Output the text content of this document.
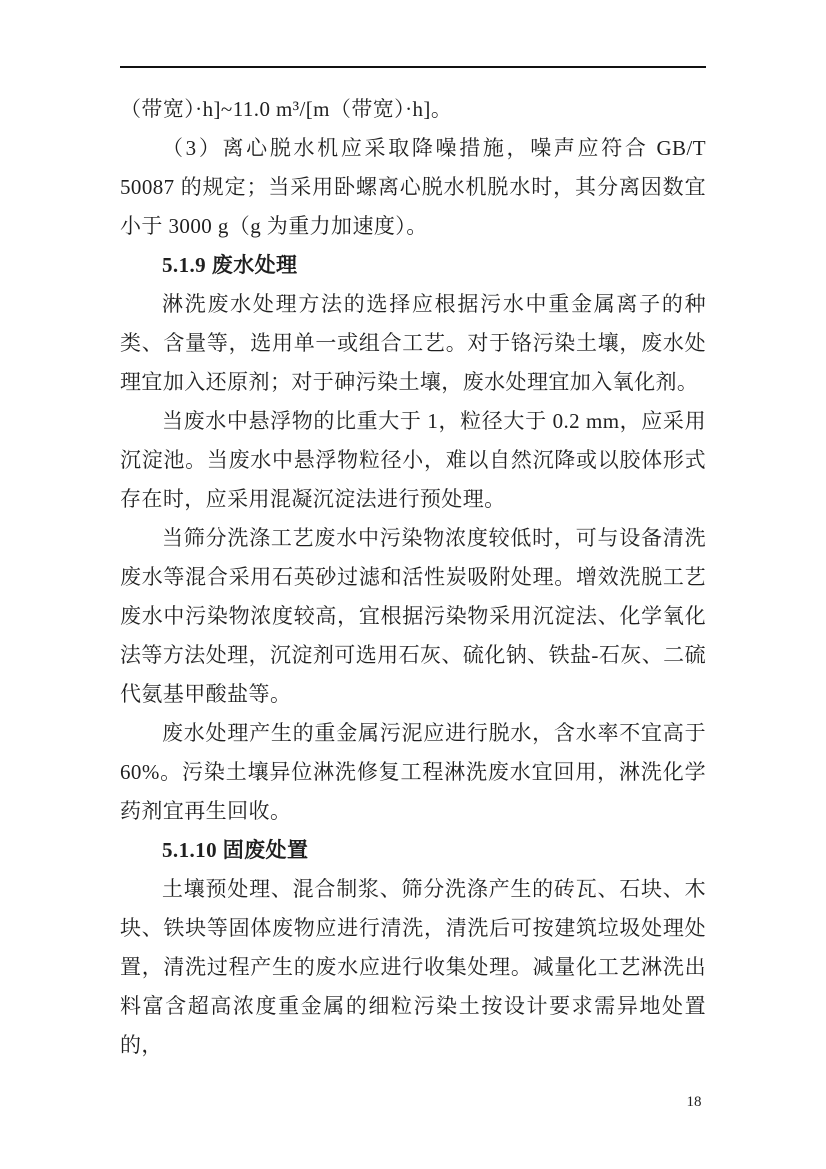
（带宽）·h]~11.0 m³/[m（带宽）·h]。

（3）离心脱水机应采取降噪措施，噪声应符合 GB/T 50087 的规定；当采用卧螺离心脱水机脱水时，其分离因数宜小于 3000 g（g 为重力加速度）。

5.1.9 废水处理

淋洗废水处理方法的选择应根据污水中重金属离子的种类、含量等，选用单一或组合工艺。对于铬污染土壤，废水处理宜加入还原剂；对于砷污染土壤，废水处理宜加入氧化剂。

当废水中悬浮物的比重大于 1，粒径大于 0.2 mm，应采用沉淀池。当废水中悬浮物粒径小，难以自然沉降或以胶体形式存在时，应采用混凝沉淀法进行预处理。

当筛分洗涤工艺废水中污染物浓度较低时，可与设备清洗废水等混合采用石英砂过滤和活性炭吸附处理。增效洗脱工艺废水中污染物浓度较高，宜根据污染物采用沉淀法、化学氧化法等方法处理，沉淀剂可选用石灰、硫化钠、铁盐-石灰、二硫代氨基甲酸盐等。

废水处理产生的重金属污泥应进行脱水，含水率不宜高于60%。污染土壤异位淋洗修复工程淋洗废水宜回用，淋洗化学药剂宜再生回收。

5.1.10 固废处置

土壤预处理、混合制浆、筛分洗涤产生的砖瓦、石块、木块、铁块等固体废物应进行清洗，清洗后可按建筑垃圾处理处置，清洗过程产生的废水应进行收集处理。减量化工艺淋洗出料富含超高浓度重金属的细粒污染土按设计要求需异地处置的，

18
